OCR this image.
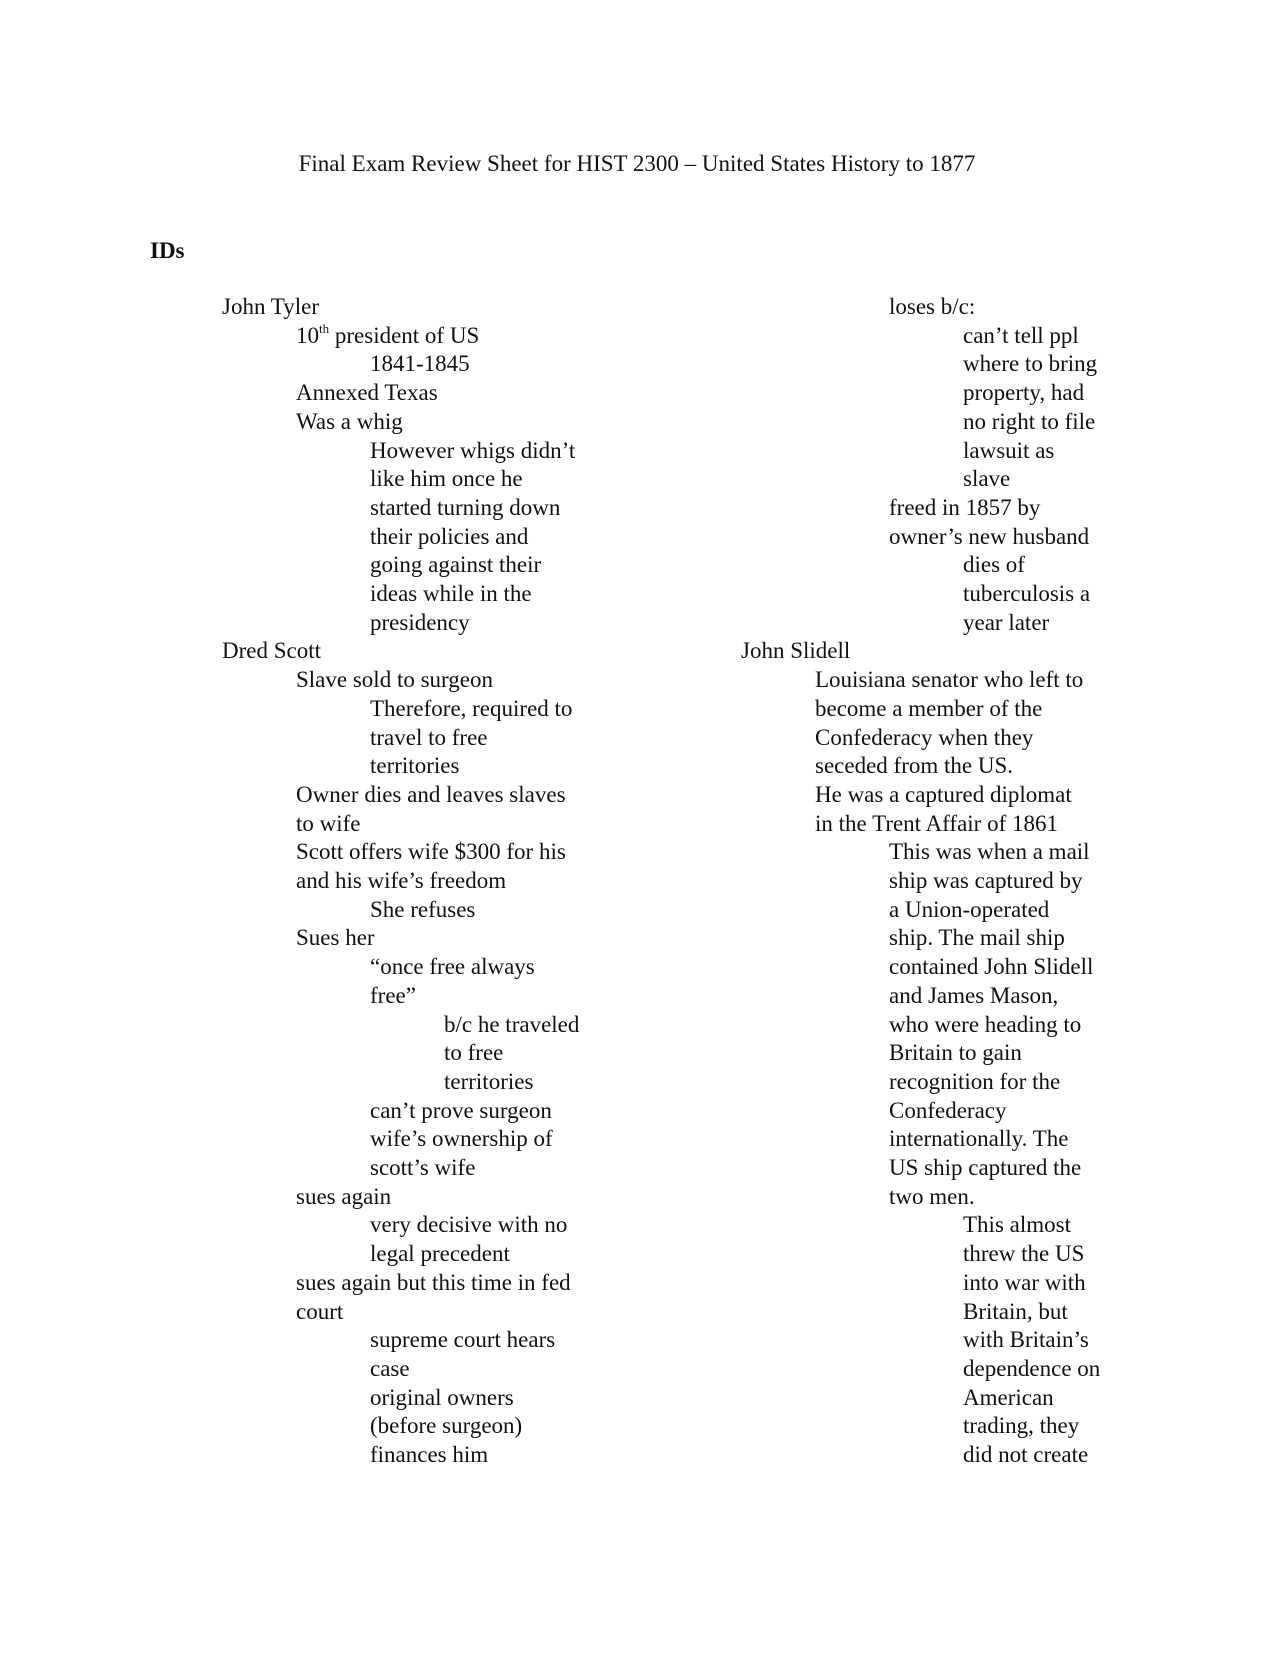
Final Exam Review Sheet for HIST 2300 – United States History to 1877
IDs
John Tyler
10th president of US
1841-1845
Annexed Texas
Was a whig
However whigs didn’t
like him once he
started turning down
their policies and
going against their
ideas while in the
presidency
Dred Scott
Slave sold to surgeon
Therefore, required to
travel to free
territories
Owner dies and leaves slaves
to wife
Scott offers wife $300 for his
and his wife’s freedom
She refuses
Sues her
“once free always
free”
b/c he traveled
to free
territories
can’t prove surgeon
wife’s ownership of
scott’s wife
sues again
very decisive with no
legal precedent
sues again but this time in fed
court
supreme court hears
case
original owners
(before surgeon)
finances him
loses b/c:
can’t tell ppl
where to bring
property, had
no right to file
lawsuit as
slave
freed in 1857 by
owner’s new husband
dies of
tuberculosis a
year later
John Slidell
Louisiana senator who left to
become a member of the
Confederacy when they
seceded from the US.
He was a captured diplomat
in the Trent Affair of 1861
This was when a mail
ship was captured by
a Union-operated
ship. The mail ship
contained John Slidell
and James Mason,
who were heading to
Britain to gain
recognition for the
Confederacy
internationally. The
US ship captured the
two men.
This almost
threw the US
into war with
Britain, but
with Britain’s
dependence on
American
trading, they
did not create
